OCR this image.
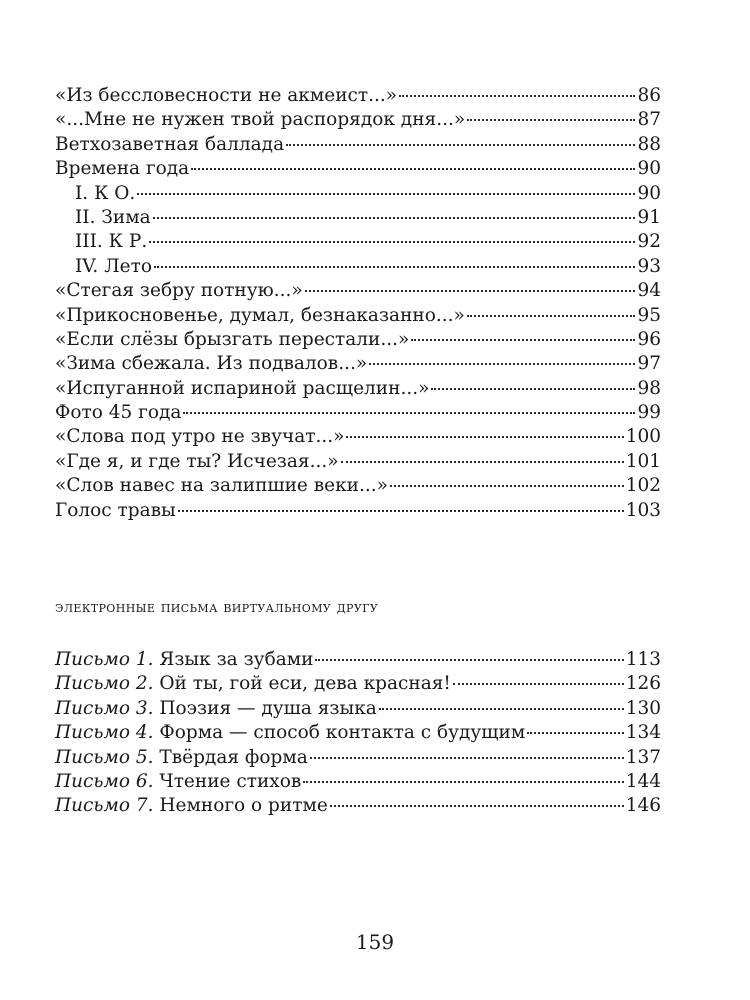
«Из бессловесности не акмеист...»	86
«...Мне не нужен твой распорядок дня...»	87
Ветхозаветная баллада	88
Времена года	90
I. К О.	90
II. Зима	91
III. К Р.	92
IV. Лето	93
«Стегая зебру потную...»	94
«Прикосновенье, думал, безнаказанно...»	95
«Если слёзы брызгать перестали...»	96
«Зима сбежала. Из подвалов...»	97
«Испуганной испариной расщелин...»	98
Фото 45 года	99
«Слова под утро не звучат...»	100
«Где я, и где ты? Исчезая...»	101
«Слов навес на залипшие веки...»	102
Голос травы	103
электронные письма виртуальному другу
Письмо 1. Язык за зубами	113
Письмо 2. Ой ты, гой еси, дева красная!	126
Письмо 3. Поэзия — душа языка	130
Письмо 4. Форма — способ контакта с будущим	134
Письмо 5. Твёрдая форма	137
Письмо 6. Чтение стихов	144
Письмо 7. Немного о ритме	146
159
